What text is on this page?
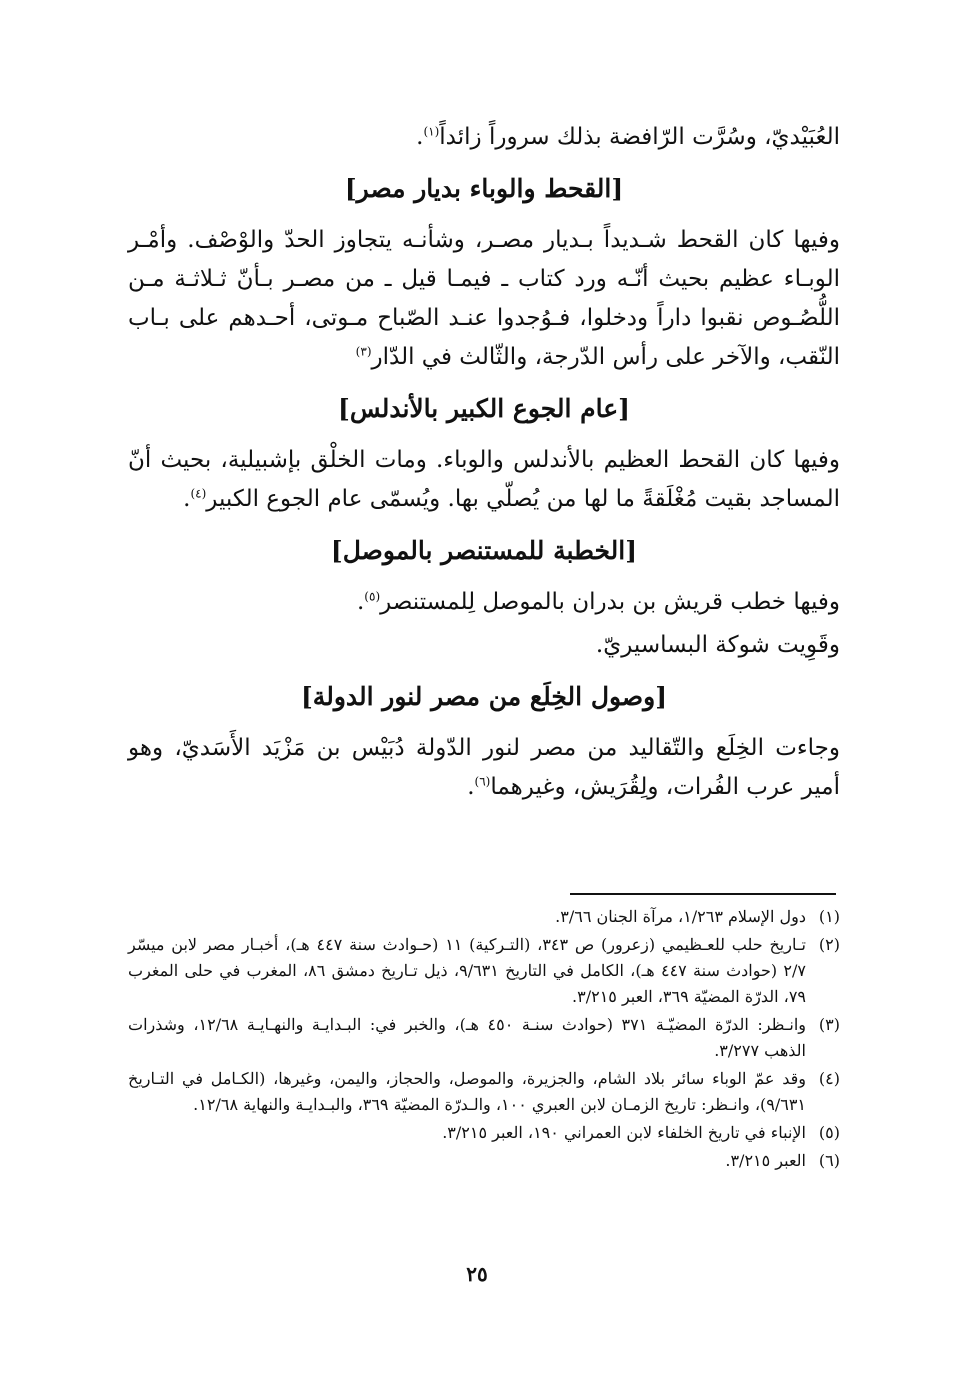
العُبَيْديّ، وسُرَّت الرّافضة بذلك سروراً زائداً$^{(١)}$.

[القحط والوباء بديار مصر]

وفيها كان القحط شـديداً بـديار مصـر، وشأنـه يتجاوز الحدّ والوْصْف. وأمْـر الوبـاء عظيم بحيث أنّـه ورد كتاب ـ فيمـا قيل ـ من مصـر بـأنّ ثـلاثـة مـن اللُّصُـوص نقبوا داراً ودخلوا، فـوُجدوا عنـد الصّباح مـوتى، أحـدهم على بـاب النّقب، والآخر على رأس الدّرجة، والثّالث في الدّار$^{(٣)}$

[عام الجوع الكبير بالأندلس]

وفيها كان القحط العظيم بالأندلس والوباء. ومات الخلْق بإشبيلية، بحيث أنّ المساجد بقيت مُغْلَقةً ما لها من يُصلّي بها. ويُسمّى عام الجوع الكبير$^{(٤)}$.

[الخطبة للمستنصر بالموصل]

وفيها خطب قريش بن بدران بالموصل لِلمستنصر$^{(٥)}$.

وقَوِيت شوكة البساسيريّ.

[وصول الخِلَع من مصر لنور الدولة]

وجاءت الخِلَع والتّقاليد من مصر لنور الدّولة دُبَيْس بن مَزْيَد الأَسَديّ، وهو أمير عرب الفُرات، ولِقُرَيش، وغيرهما$^{(٦)}$.

(١)
دول الإسلام ١/٢٦٣، مرآة الجنان ٣/٦٦.
(٢)
تـاريخ حلب للعـظيمي (زعرور) ص ٣٤٣، (التـركية) ١١ (حـوادث سنة ٤٤٧ هـ)، أخبـار مصر لابن ميسّر ٢/٧ (حوادث سنة ٤٤٧ هـ)، الكامل في التاريخ ٩/٦٣١، ذيل تـاريخ دمشق ٨٦، المغرب في حلى المغرب ٧٩، الدرّة المضيّة ٣٦٩، العبر ٣/٢١٥.
(٣)
وانـظر: الدرّة المضيّـة ٣٧١ (حوادث سنـة ٤٥٠ هـ)، والخبر في: البـدايـة والنهـايـة ١٢/٦٨، وشذرات الذهب ٣/٢٧٧.
(٤)
وقد عمّ الوباء سائر بلاد الشام، والجزيرة، والموصل، والحجاز، واليمن، وغيرها، (الكـامل في التـاريخ ٩/٦٣١)، وانـظر: تاريخ الزمـان لابن العبري ١٠٠، والـدرّة المضيّة ٣٦٩، والبـدايـة والنهاية ١٢/٦٨.
(٥)
الإنباء في تاريخ الخلفاء لابن العمراني ١٩٠، العبر ٣/٢١٥.
(٦)
العبر ٣/٢١٥.
٢٥
